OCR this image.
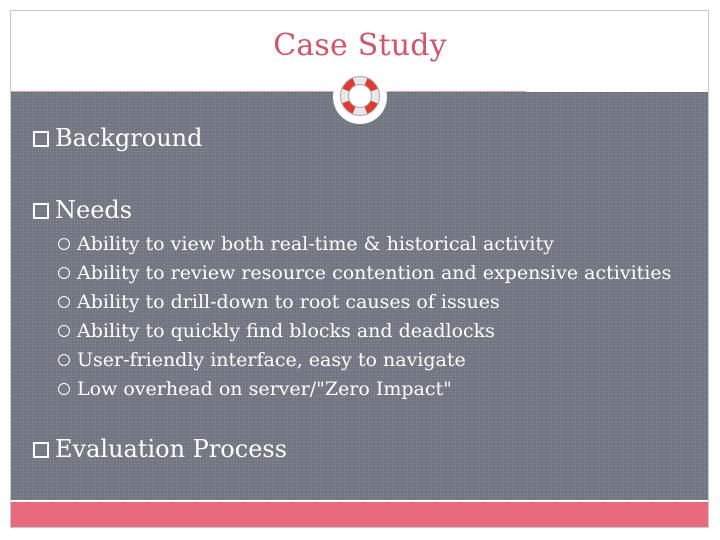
Case Study
Background
Needs
Ability to view both real-time & historical activity
Ability to review resource contention and expensive activities
Ability to drill-down to root causes of issues
Ability to quickly find blocks and deadlocks
User-friendly interface, easy to navigate
Low overhead on server/"Zero Impact"
Evaluation Process
